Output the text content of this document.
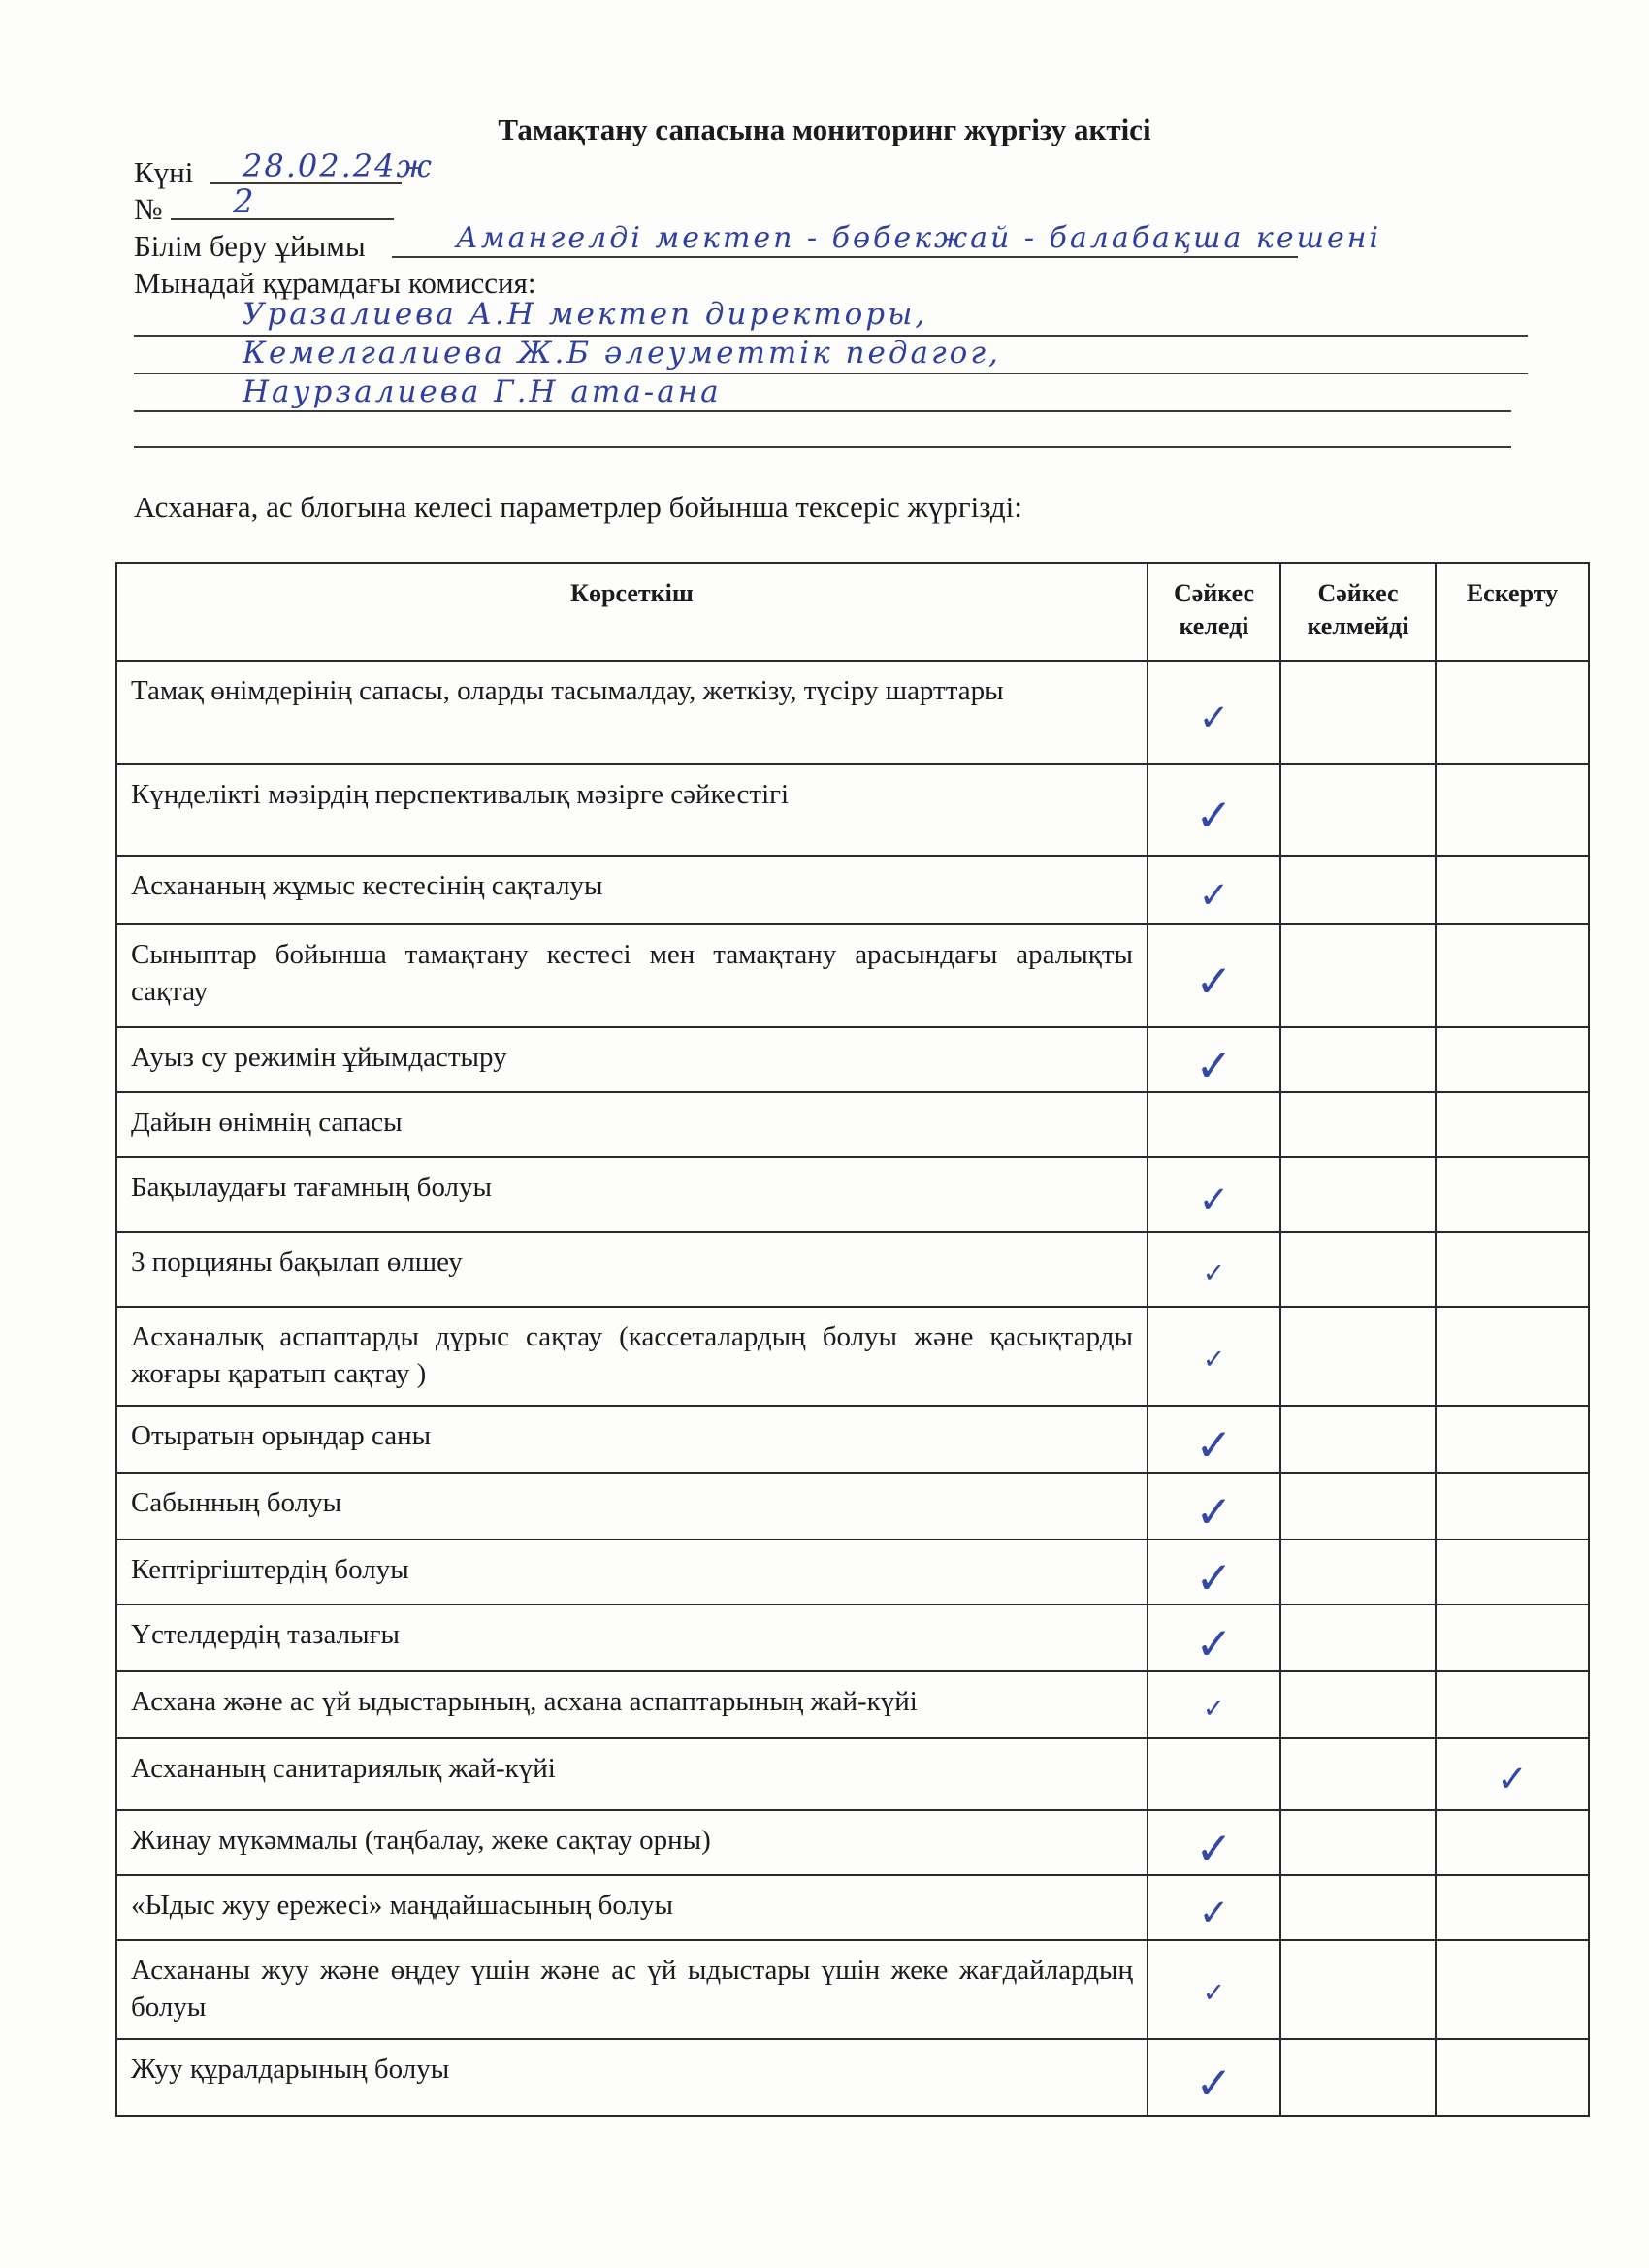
Тамақтану сапасына мониторинг жүргізу актісі
Күні 28.02.24ж
№ 2
Білім беру ұйымы	Амангелді мектеп - бөбекжай - балабақша кешені
Мынадай құрамдағы комиссия:
Уразалиева А.Н мектеп директоры,
Кемелгалиева Ж.Б әлеуметтік педагог,
Наурзалиева Г.Н ата-ана
Асханаға, ас блогына келесі параметрлер бойынша тексеріс жүргізді:
Көрсеткіш	Сәйкес келеді	Сәйкес келмейді	Ескерту
Тамақ өнімдерінің сапасы, оларды тасымалдау, жеткізу, түсіру шарттары	✓		

Күнделікті мәзірдің перспективалық мәзірге сәйкестігі	✓		

Асхананың жұмыс кестесінің сақталуы	✓		

Сыныптар бойынша тамақтану кестесі мен тамақтану арасындағы аралықты сақтау	✓		

Ауыз су режимін ұйымдастыру	✓		

Дайын өнімнің сапасы			
Бақылаудағы тағамның болуы	✓		

3 порцияны бақылап өлшеу	✓		

Асханалық аспаптарды дұрыс сақтау (кассеталардың болуы және қасықтарды жоғары қаратып сақтау )	✓		

Отыратын орындар саны	✓		

Сабынның болуы	✓		

Кептіргіштердің болуы	✓		

Үстелдердің тазалығы	✓		

Асхана және ас үй ыдыстарының, асхана аспаптарының жай-күйі	✓		

Асхананың санитариялық жай-күйі			✓

Жинау мүкәммалы (таңбалау, жеке сақтау орны)	✓		

«Ыдыс жуу ережесі» маңдайшасының болуы	✓		

Асхананы жуу және өңдеу үшін және ас үй ыдыстары үшін жеке жағдайлардың болуы	✓		

Жуу құралдарының болуы	✓		
